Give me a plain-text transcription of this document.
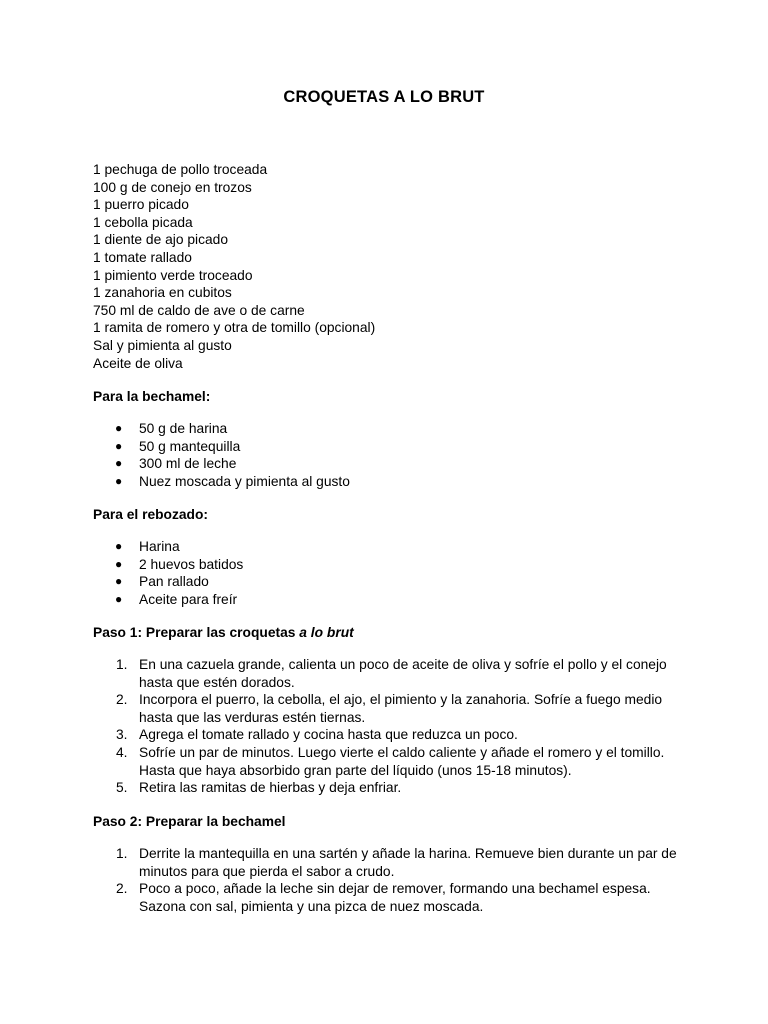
CROQUETAS A LO BRUT
1 pechuga de pollo troceada
100 g de conejo en trozos
1 puerro picado
1 cebolla picada
1 diente de ajo picado
1 tomate rallado
1 pimiento verde troceado
1 zanahoria en cubitos
750 ml de caldo de ave o de carne
1 ramita de romero y otra de tomillo (opcional)
Sal y pimienta al gusto
Aceite de oliva
Para la bechamel:
● 50 g de harina
● 50 g mantequilla
● 300 ml de leche
● Nuez moscada y pimienta al gusto
Para el rebozado:
● Harina
● 2 huevos batidos
● Pan rallado
● Aceite para freír
Paso 1: Preparar las croquetas a lo brut
1. En una cazuela grande, calienta un poco de aceite de oliva y sofríe el pollo y el conejo hasta que estén dorados.
2. Incorpora el puerro, la cebolla, el ajo, el pimiento y la zanahoria. Sofríe a fuego medio hasta que las verduras estén tiernas.
3. Agrega el tomate rallado y cocina hasta que reduzca un poco.
4. Sofríe un par de minutos. Luego vierte el caldo caliente y añade el romero y el tomillo. Hasta que haya absorbido gran parte del líquido (unos 15-18 minutos).
5. Retira las ramitas de hierbas y deja enfriar.
Paso 2: Preparar la bechamel
1. Derrite la mantequilla en una sartén y añade la harina. Remueve bien durante un par de minutos para que pierda el sabor a crudo.
2. Poco a poco, añade la leche sin dejar de remover, formando una bechamel espesa. Sazona con sal, pimienta y una pizca de nuez moscada.
